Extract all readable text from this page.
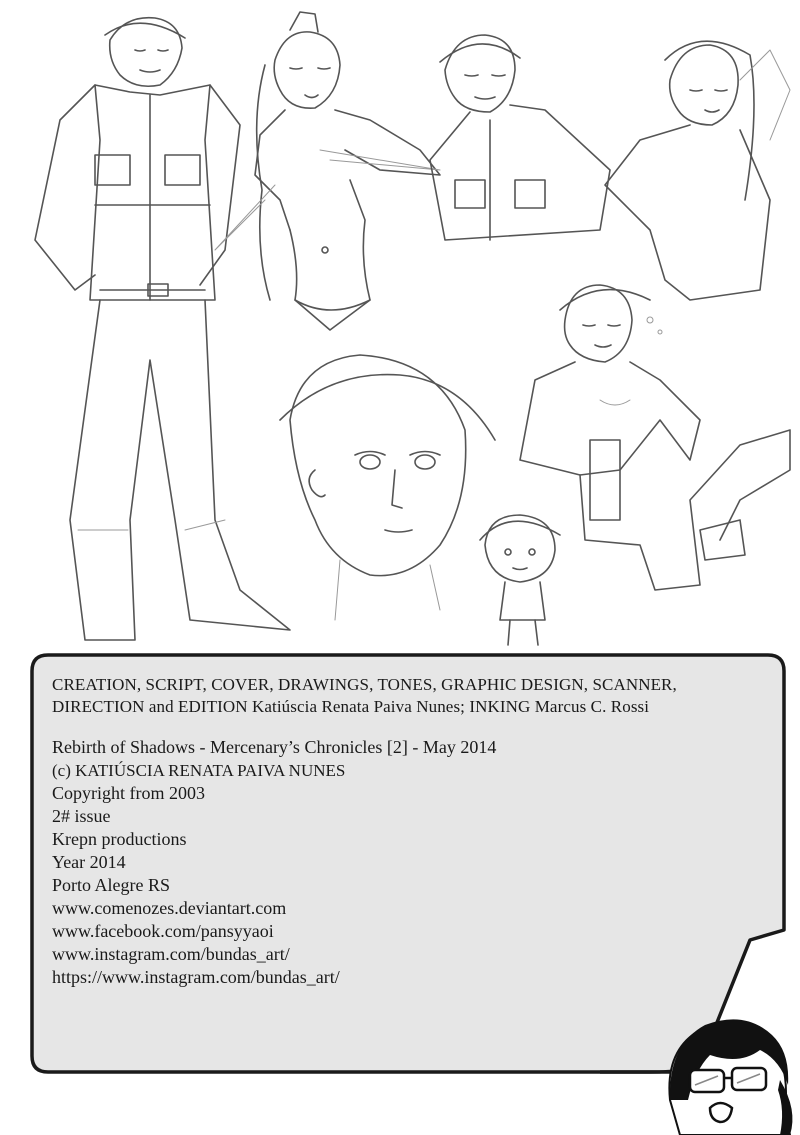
CREATION, SCRIPT, COVER, DRAWINGS, TONES, GRAPHIC DESIGN, SCANNER, DIRECTION and EDITION Katiúscia Renata Paiva Nunes; INKING Marcus C. Rossi

Rebirth of Shadows - Mercenary’s Chronicles [2] - May 2014
(c) KATIÚSCIA RENATA PAIVA NUNES
Copyright from 2003
2# issue
Krepn productions
Year 2014
Porto Alegre RS
www.comenozes.deviantart.com
www.facebook.com/pansyyaoi
www.instagram.com/bundas_art/
https://www.instagram.com/bundas_art/
